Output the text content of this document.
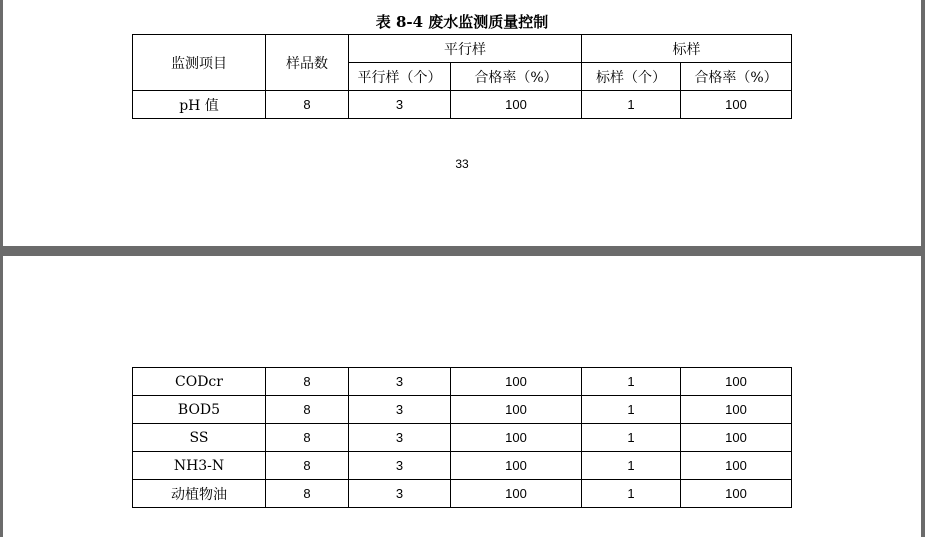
表 8-4 废水监测质量控制
监测项目	样品数	平行样		标样	
		平行样（个）	合格率（%）	标样（个）	合格率（%）
pH 值	8	3	100	1	100
33
CODcr	8	3	100	1	100
BOD5	8	3	100	1	100
SS	8	3	100	1	100
NH3-N	8	3	100	1	100
动植物油	8	3	100	1	100
